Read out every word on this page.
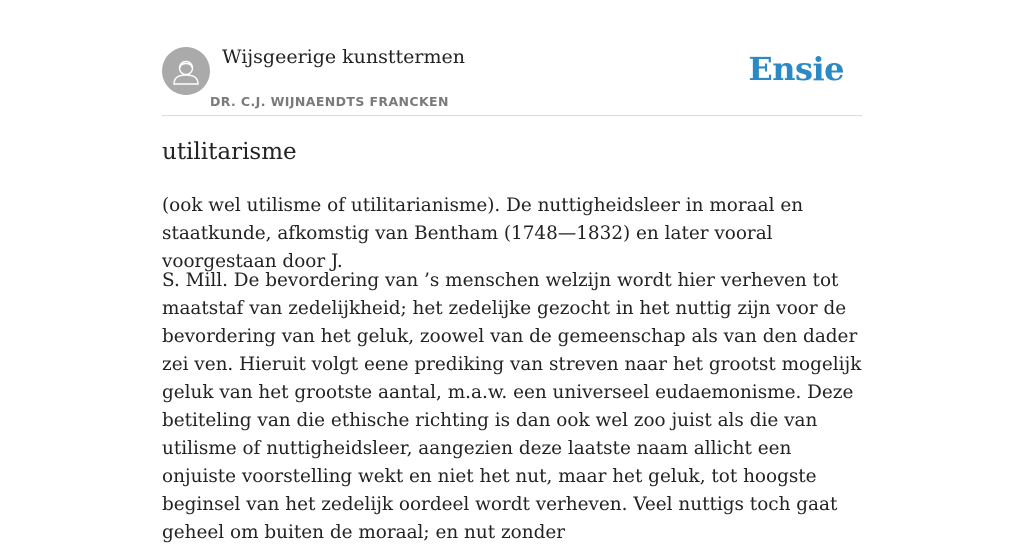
Wijsgeerige kunsttermen
DR. C.J. WIJNAENDTS FRANCKEN
Ensie
utilitarisme

(ook wel utilisme of utilitarianisme). De nuttigheidsleer in moraal en staatkunde, afkomstig van Bentham (1748—1832) en later vooral voorgestaan door J.

S. Mill. De bevordering van ’s menschen welzijn wordt hier verheven tot maatstaf van zedelijkheid; het zedelijke gezocht in het nuttig zijn voor de bevordering van het geluk, zoowel van de gemeenschap als van den dader zei ven. Hieruit volgt eene prediking van streven naar het grootst mogelijk geluk van het grootste aantal, m.a.w. een universeel eudaemonisme. Deze betiteling van die ethische richting is dan ook wel zoo juist als die van utilisme of nuttigheidsleer, aangezien deze laatste naam allicht een onjuiste voorstelling wekt en niet het nut, maar het geluk, tot hoogste beginsel van het zedelijk oordeel wordt verheven. Veel nuttigs toch gaat geheel om buiten de moraal; en nut zonder
